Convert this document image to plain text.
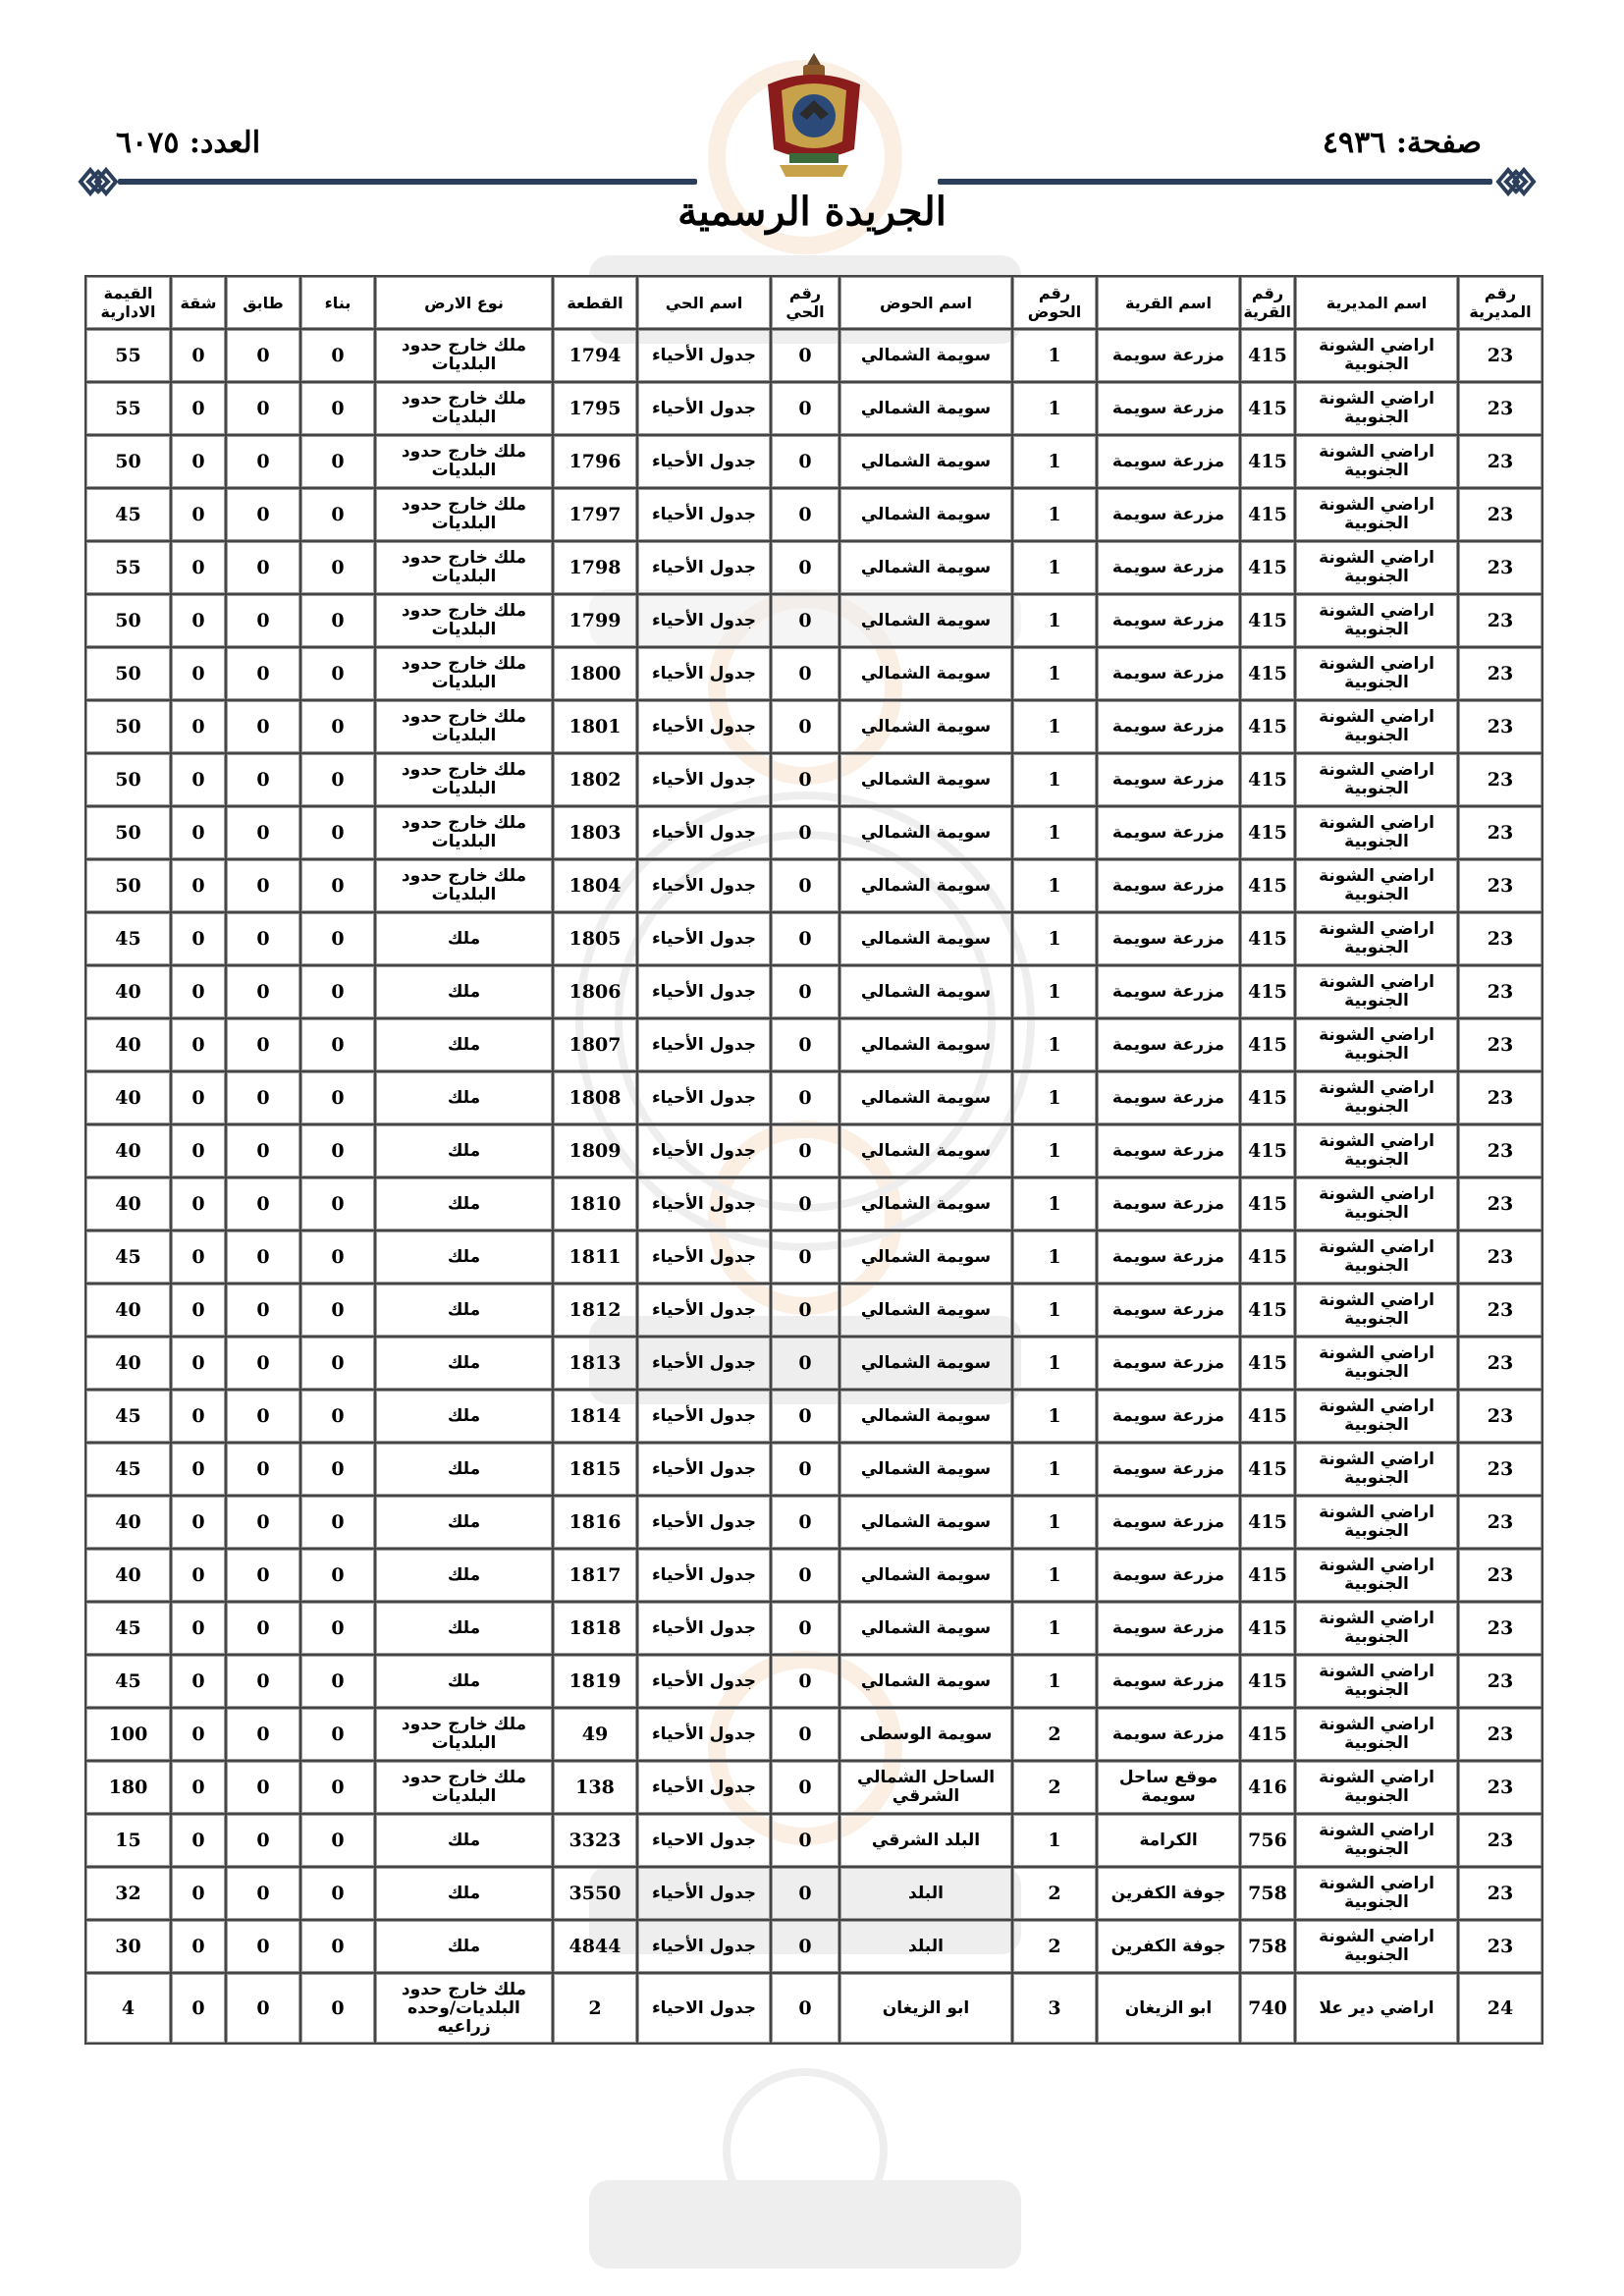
صفحة: ٤٩٣٦
العدد: ٦٠٧٥
الجريدة الرسمية
رقم المديرية	اسم المديرية	رقم القرية	اسم القرية	رقم الحوض	اسم الحوض	رقم الحي	اسم الحي	القطعة	نوع الارض	بناء	طابق	شقة	القيمة الادارية
23	اراضي الشونة الجنوبية	415	مزرعة سويمة	1	سويمة الشمالي	0	جدول الأحياء	1794	ملك خارج حدود البلديات	0	0	0	55
23	اراضي الشونة الجنوبية	415	مزرعة سويمة	1	سويمة الشمالي	0	جدول الأحياء	1795	ملك خارج حدود البلديات	0	0	0	55
23	اراضي الشونة الجنوبية	415	مزرعة سويمة	1	سويمة الشمالي	0	جدول الأحياء	1796	ملك خارج حدود البلديات	0	0	0	50
23	اراضي الشونة الجنوبية	415	مزرعة سويمة	1	سويمة الشمالي	0	جدول الأحياء	1797	ملك خارج حدود البلديات	0	0	0	45
23	اراضي الشونة الجنوبية	415	مزرعة سويمة	1	سويمة الشمالي	0	جدول الأحياء	1798	ملك خارج حدود البلديات	0	0	0	55
23	اراضي الشونة الجنوبية	415	مزرعة سويمة	1	سويمة الشمالي	0	جدول الأحياء	1799	ملك خارج حدود البلديات	0	0	0	50
23	اراضي الشونة الجنوبية	415	مزرعة سويمة	1	سويمة الشمالي	0	جدول الأحياء	1800	ملك خارج حدود البلديات	0	0	0	50
23	اراضي الشونة الجنوبية	415	مزرعة سويمة	1	سويمة الشمالي	0	جدول الأحياء	1801	ملك خارج حدود البلديات	0	0	0	50
23	اراضي الشونة الجنوبية	415	مزرعة سويمة	1	سويمة الشمالي	0	جدول الأحياء	1802	ملك خارج حدود البلديات	0	0	0	50
23	اراضي الشونة الجنوبية	415	مزرعة سويمة	1	سويمة الشمالي	0	جدول الأحياء	1803	ملك خارج حدود البلديات	0	0	0	50
23	اراضي الشونة الجنوبية	415	مزرعة سويمة	1	سويمة الشمالي	0	جدول الأحياء	1804	ملك خارج حدود البلديات	0	0	0	50
23	اراضي الشونة الجنوبية	415	مزرعة سويمة	1	سويمة الشمالي	0	جدول الأحياء	1805	ملك	0	0	0	45
23	اراضي الشونة الجنوبية	415	مزرعة سويمة	1	سويمة الشمالي	0	جدول الأحياء	1806	ملك	0	0	0	40
23	اراضي الشونة الجنوبية	415	مزرعة سويمة	1	سويمة الشمالي	0	جدول الأحياء	1807	ملك	0	0	0	40
23	اراضي الشونة الجنوبية	415	مزرعة سويمة	1	سويمة الشمالي	0	جدول الأحياء	1808	ملك	0	0	0	40
23	اراضي الشونة الجنوبية	415	مزرعة سويمة	1	سويمة الشمالي	0	جدول الأحياء	1809	ملك	0	0	0	40
23	اراضي الشونة الجنوبية	415	مزرعة سويمة	1	سويمة الشمالي	0	جدول الأحياء	1810	ملك	0	0	0	40
23	اراضي الشونة الجنوبية	415	مزرعة سويمة	1	سويمة الشمالي	0	جدول الأحياء	1811	ملك	0	0	0	45
23	اراضي الشونة الجنوبية	415	مزرعة سويمة	1	سويمة الشمالي	0	جدول الأحياء	1812	ملك	0	0	0	40
23	اراضي الشونة الجنوبية	415	مزرعة سويمة	1	سويمة الشمالي	0	جدول الأحياء	1813	ملك	0	0	0	40
23	اراضي الشونة الجنوبية	415	مزرعة سويمة	1	سويمة الشمالي	0	جدول الأحياء	1814	ملك	0	0	0	45
23	اراضي الشونة الجنوبية	415	مزرعة سويمة	1	سويمة الشمالي	0	جدول الأحياء	1815	ملك	0	0	0	45
23	اراضي الشونة الجنوبية	415	مزرعة سويمة	1	سويمة الشمالي	0	جدول الأحياء	1816	ملك	0	0	0	40
23	اراضي الشونة الجنوبية	415	مزرعة سويمة	1	سويمة الشمالي	0	جدول الأحياء	1817	ملك	0	0	0	40
23	اراضي الشونة الجنوبية	415	مزرعة سويمة	1	سويمة الشمالي	0	جدول الأحياء	1818	ملك	0	0	0	45
23	اراضي الشونة الجنوبية	415	مزرعة سويمة	1	سويمة الشمالي	0	جدول الأحياء	1819	ملك	0	0	0	45
23	اراضي الشونة الجنوبية	415	مزرعة سويمة	2	سويمة الوسطى	0	جدول الأحياء	49	ملك خارج حدود البلديات	0	0	0	100
23	اراضي الشونة الجنوبية	416	موقع ساحل سويمة	2	الساحل الشمالي الشرقي	0	جدول الأحياء	138	ملك خارج حدود البلديات	0	0	0	180
23	اراضي الشونة الجنوبية	756	الكرامة	1	البلد الشرقي	0	جدول الاحياء	3323	ملك	0	0	0	15
23	اراضي الشونة الجنوبية	758	جوفة الكفرين	2	البلد	0	جدول الأحياء	3550	ملك	0	0	0	32
23	اراضي الشونة الجنوبية	758	جوفة الكفرين	2	البلد	0	جدول الأحياء	4844	ملك	0	0	0	30
24	اراضي دير علا	740	ابو الزيغان	3	ابو الزيغان	0	جدول الاحياء	2	ملك خارج حدود البلديات/وحده زراعيه	0	0	0	4
